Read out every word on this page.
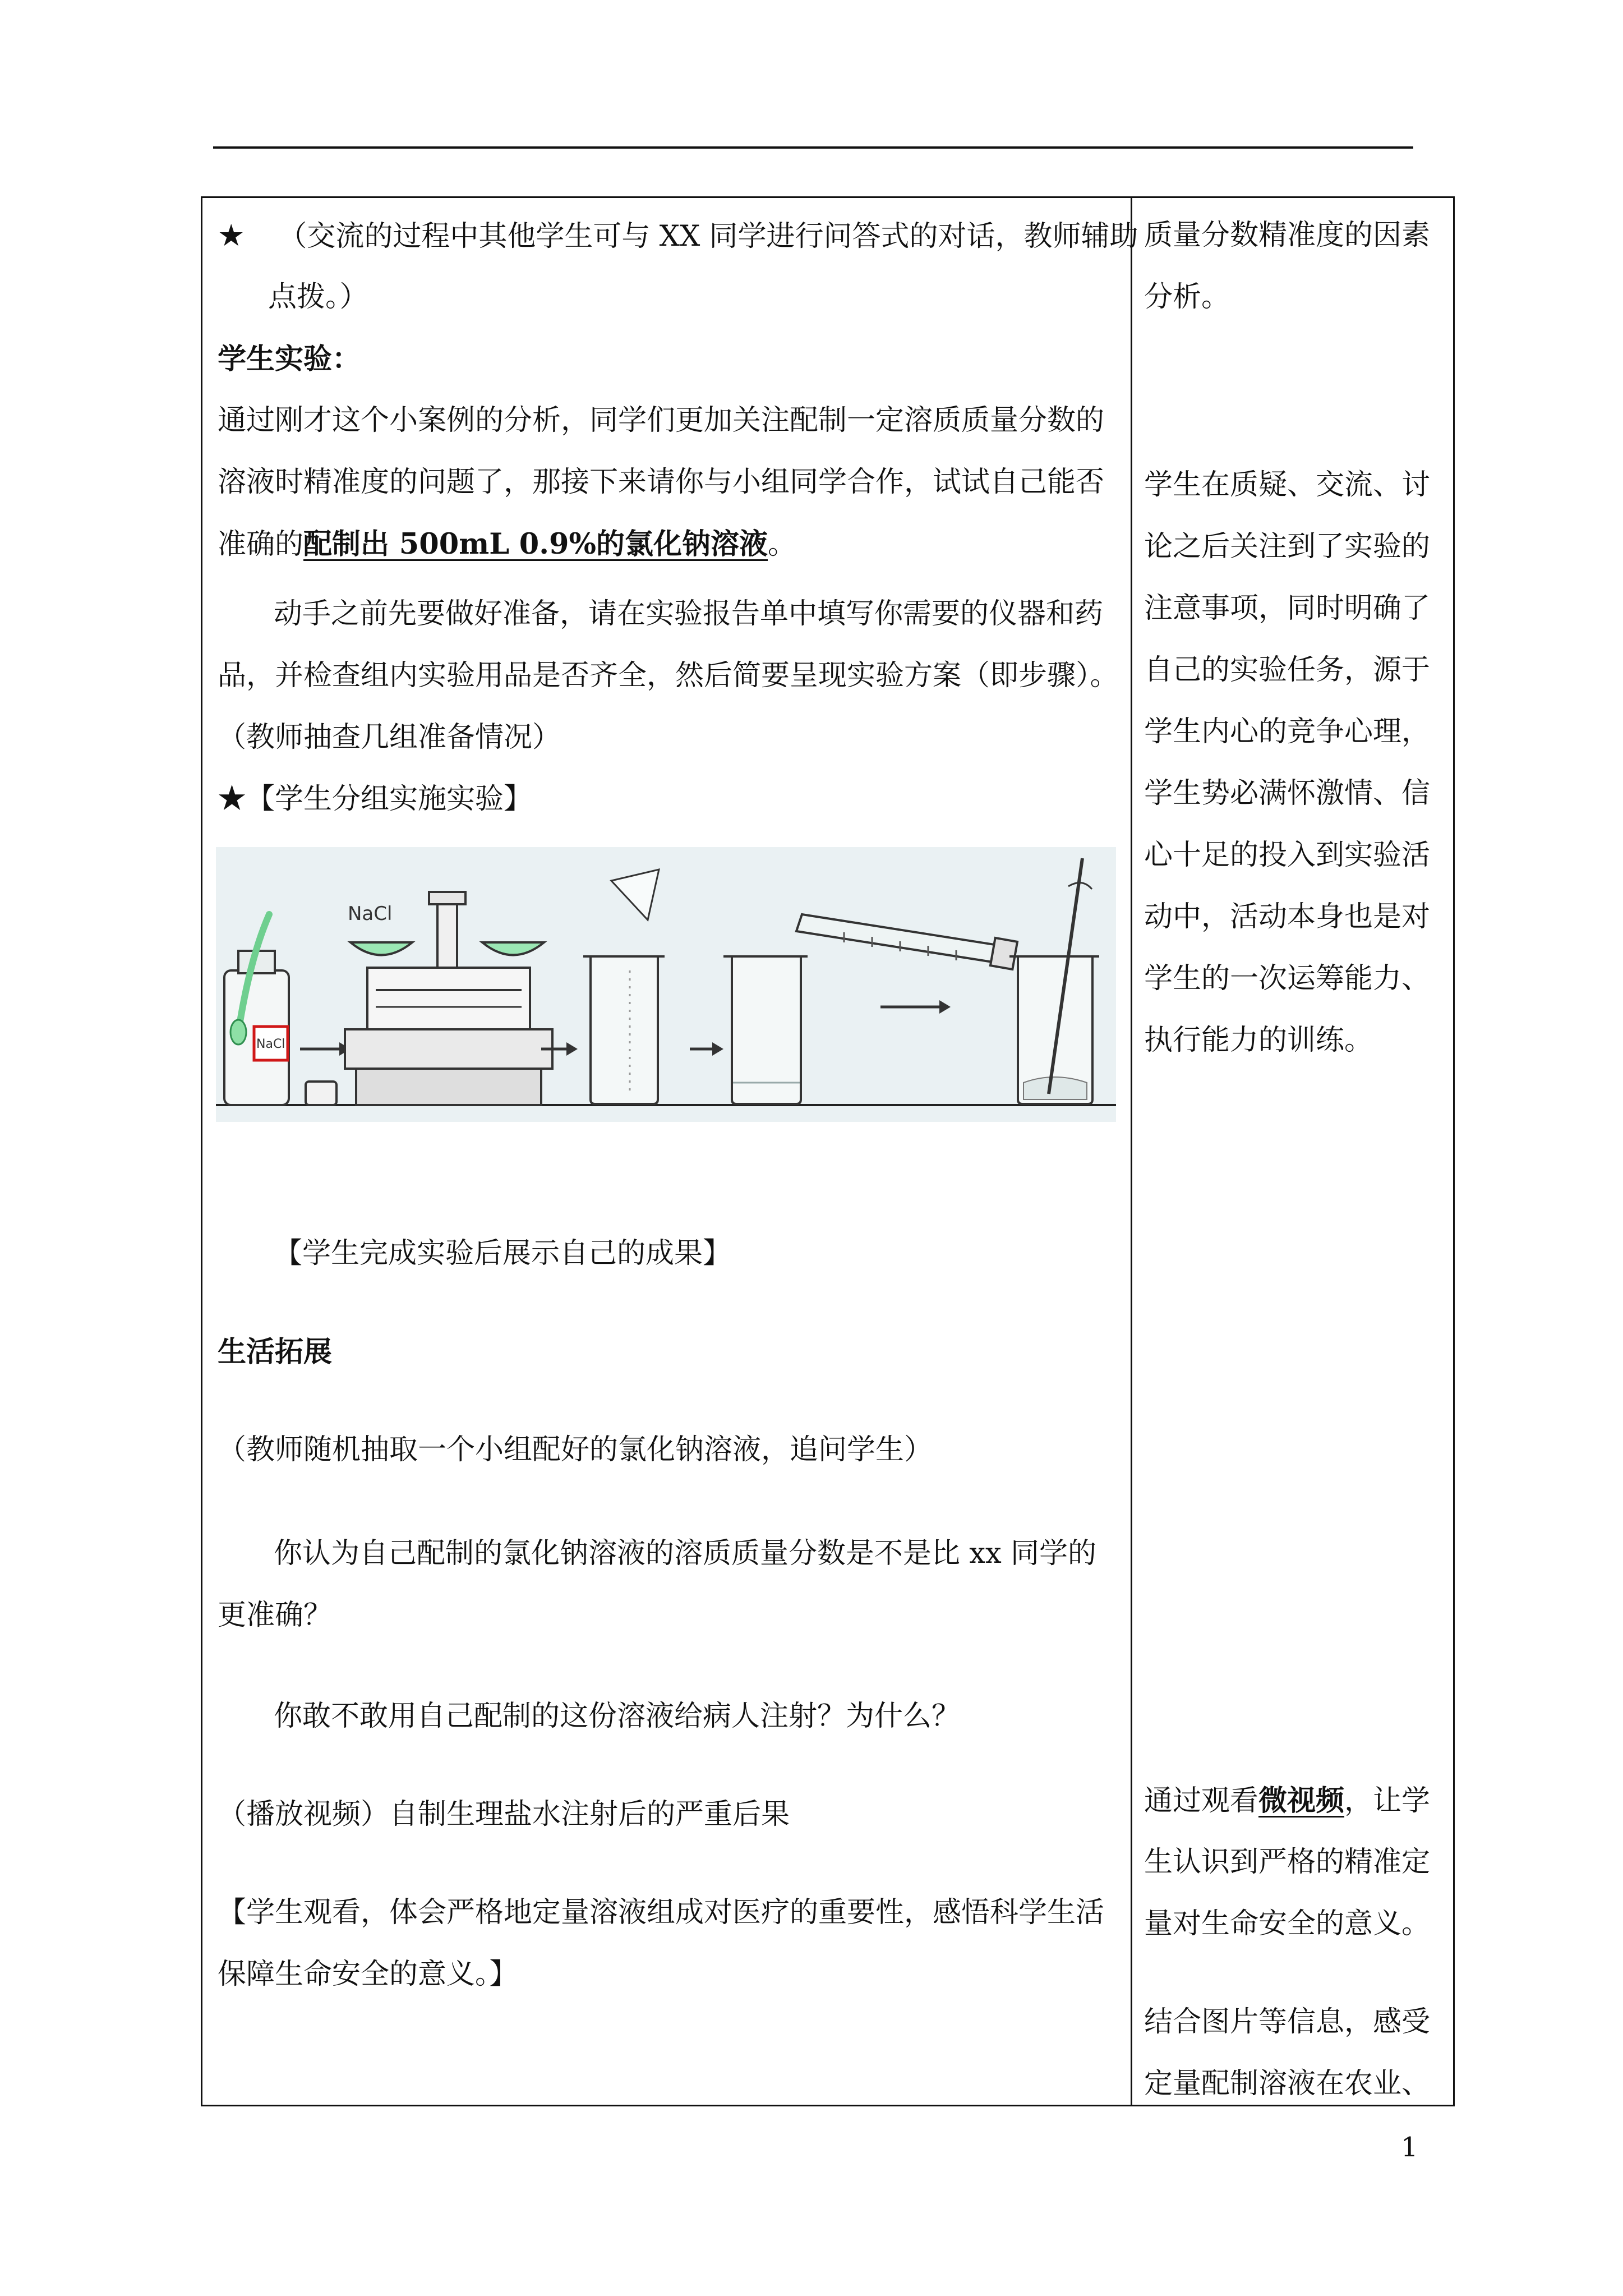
★ （交流的过程中其他学生可与 XX 同学进行问答式的对话，教师辅助

点拨。）

学生实验：

通过刚才这个小案例的分析，同学们更加关注配制一定溶质质量分数的

溶液时精准度的问题了，那接下来请你与小组同学合作，试试自己能否

准确的配制出 500mL 0.9%的氯化钠溶液。

动手之前先要做好准备，请在实验报告单中填写你需要的仪器和药

品，并检查组内实验用品是否齐全，然后简要呈现实验方案（即步骤）。

（教师抽查几组准备情况）

★【学生分组实施实验】

【学生完成实验后展示自己的成果】

生活拓展

（教师随机抽取一个小组配好的氯化钠溶液，追问学生）

你认为自己配制的氯化钠溶液的溶质质量分数是不是比 xx 同学的

更准确？

你敢不敢用自己配制的这份溶液给病人注射？为什么？

（播放视频）自制生理盐水注射后的严重后果

【学生观看，体会严格地定量溶液组成对医疗的重要性，感悟科学生活

保障生命安全的意义。】

NaCl
NaCl

质量分数精准度的因素

分析。

学生在质疑、交流、讨

论之后关注到了实验的

注意事项，同时明确了

自己的实验任务，源于

学生内心的竞争心理，

学生势必满怀激情、信

心十足的投入到实验活

动中，活动本身也是对

学生的一次运筹能力、

执行能力的训练。

通过观看微视频，让学

生认识到严格的精准定

量对生命安全的意义。

结合图片等信息，感受

定量配制溶液在农业、

1
